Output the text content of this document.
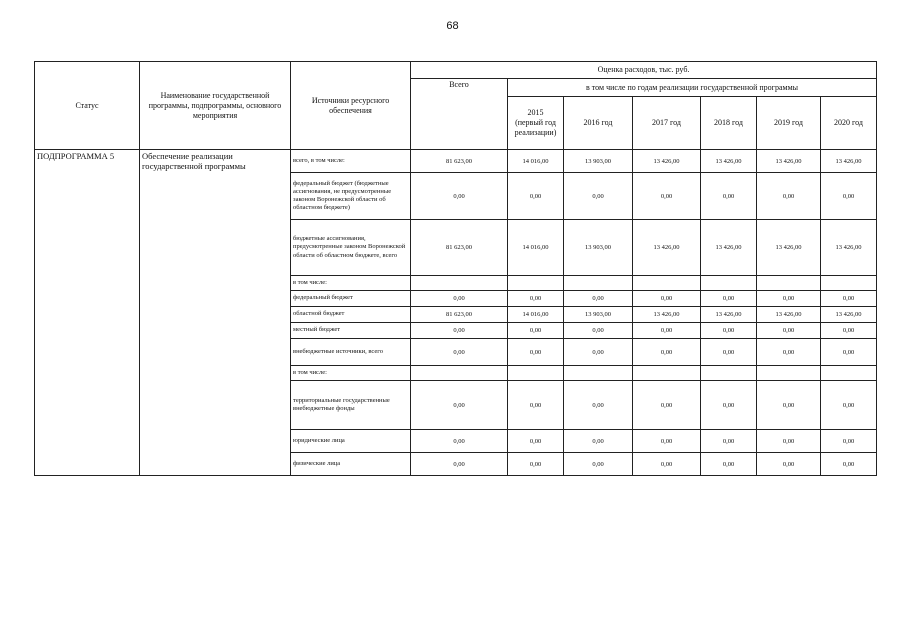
68
Статус	Наименование государственной программы, подпрограммы, основного мероприятия	Источники ресурсного обеспечения	Оценка расходов, тыс. руб.						
			Всего	в том числе по годам реализации государственной программы					
				2015
(первый год
реализации)	2016 год	2017 год	2018 год	2019 год	2020 год
ПОДПРОГРАММА 5	Обеспечение реализации государственной программы	всего, в том числе:	81 623,00	14 016,00	13 903,00	13 426,00	13 426,00	13 426,00	13 426,00
		федеральный бюджет (бюджетные ассигнования, не предусмотренные законом Воронежской области об областном бюджете)	0,00	0,00	0,00	0,00	0,00	0,00	0,00
		бюджетные ассигнования, предусмотренные законом Воронежской области об областном бюджете, всего	81 623,00	14 016,00	13 903,00	13 426,00	13 426,00	13 426,00	13 426,00
		в том числе:							
		федеральный бюджет	0,00	0,00	0,00	0,00	0,00	0,00	0,00
		областной бюджет	81 623,00	14 016,00	13 903,00	13 426,00	13 426,00	13 426,00	13 426,00
		местный бюджет	0,00	0,00	0,00	0,00	0,00	0,00	0,00
		внебюджетные источники, всего	0,00	0,00	0,00	0,00	0,00	0,00	0,00
		в том числе:							
		территориальные государственные внебюджетные фонды	0,00	0,00	0,00	0,00	0,00	0,00	0,00
		юридические лица	0,00	0,00	0,00	0,00	0,00	0,00	0,00
		физические лица	0,00	0,00	0,00	0,00	0,00	0,00	0,00
